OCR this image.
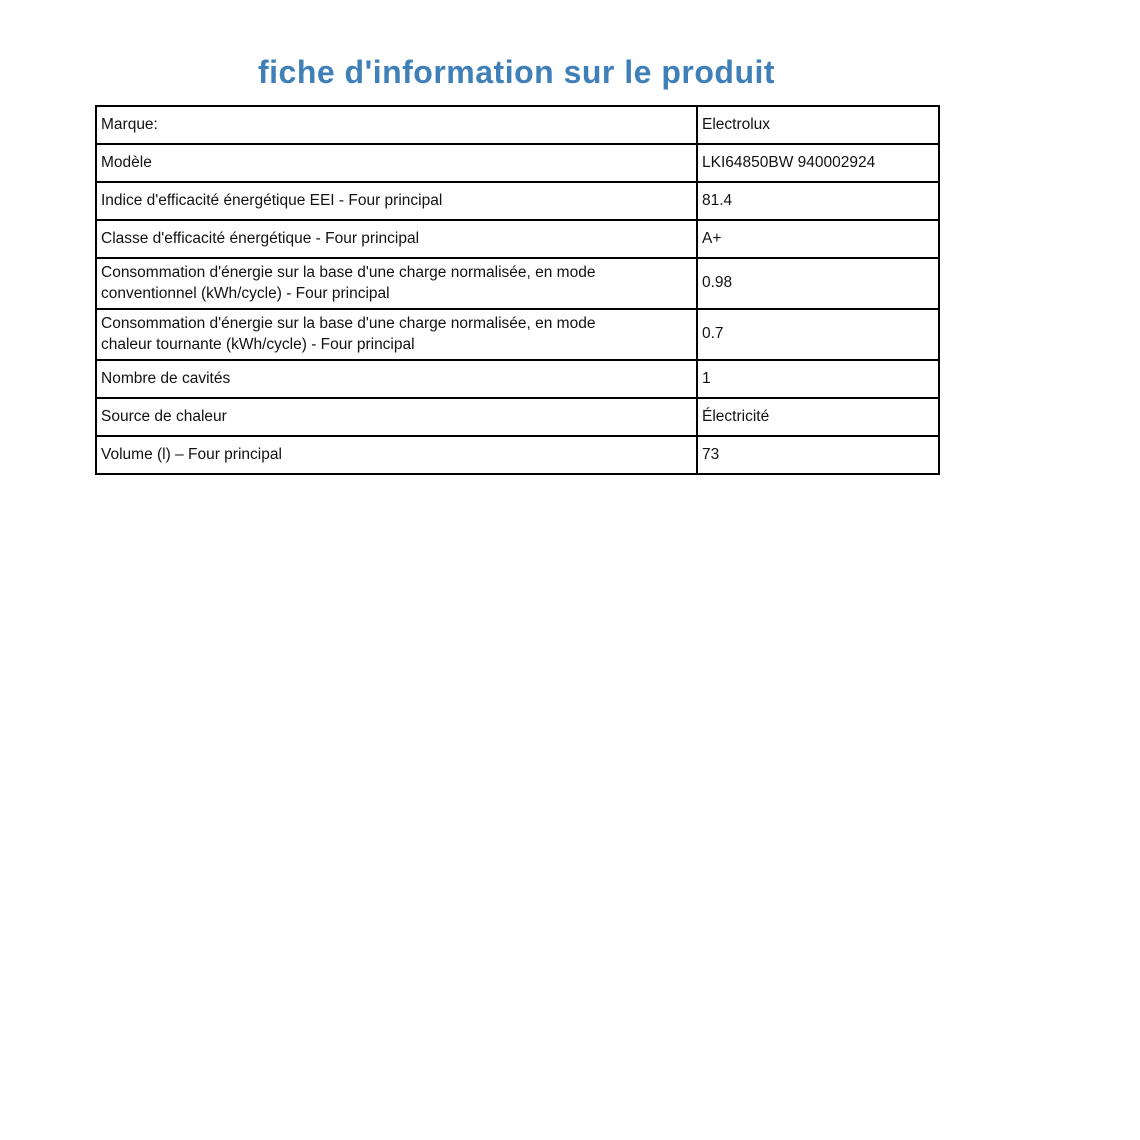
fiche d'information sur le produit
Marque:	Electrolux
Modèle	LKI64850BW 940002924
Indice d'efficacité énergétique EEI - Four principal	81.4
Classe d'efficacité énergétique - Four principal	A+
Consommation d'énergie sur la base d'une charge normalisée, en mode conventionnel (kWh/cycle) - Four principal	0.98
Consommation d'énergie sur la base d'une charge normalisée, en mode chaleur tournante (kWh/cycle) - Four principal	0.7
Nombre de cavités	1
Source de chaleur	Électricité
Volume (l) – Four principal	73
